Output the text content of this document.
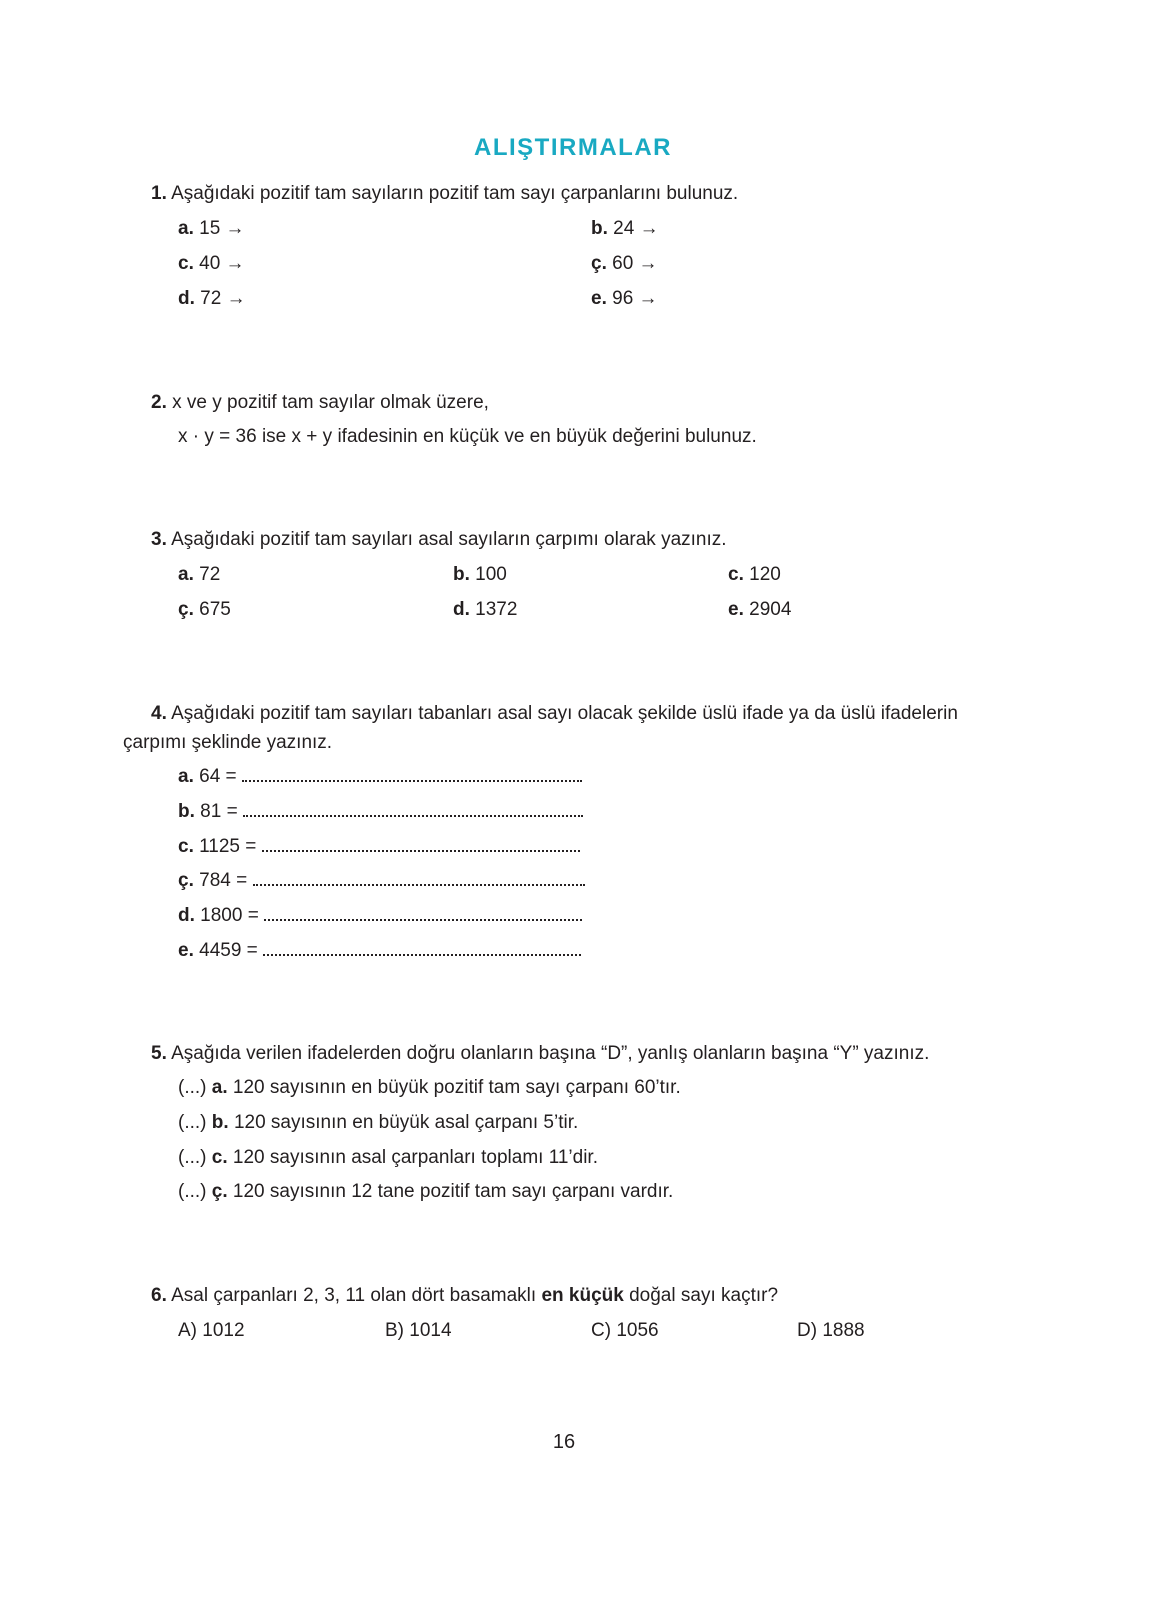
ALIŞTIRMALAR
1. Aşağıdaki pozitif tam sayıların pozitif tam sayı çarpanlarını bulunuz.
a. 15 →	b. 24 →
c. 40 →	ç. 60 →
d. 72 →	e. 96 →
2. x ve y pozitif tam sayılar olmak üzere,
x · y = 36 ise x + y ifadesinin en küçük ve en büyük değerini bulunuz.
3. Aşağıdaki pozitif tam sayıları asal sayıların çarpımı olarak yazınız.
a. 72	b. 100	c. 120
ç. 675	d. 1372	e. 2904
4. Aşağıdaki pozitif tam sayıları tabanları asal sayı olacak şekilde üslü ifade ya da üslü ifadelerin
çarpımı şeklinde yazınız.
a. 64 =
b. 81 =
c. 1125 =
ç. 784 =
d. 1800 =
e. 4459 =
5. Aşağıda verilen ifadelerden doğru olanların başına “D”, yanlış olanların başına “Y” yazınız.
(...) a. 120 sayısının en büyük pozitif tam sayı çarpanı 60’tır.
(...) b. 120 sayısının en büyük asal çarpanı 5’tir.
(...) c. 120 sayısının asal çarpanları toplamı 11’dir.
(...) ç. 120 sayısının 12 tane pozitif tam sayı çarpanı vardır.
6. Asal çarpanları 2, 3, 11 olan dört basamaklı en küçük doğal sayı kaçtır?
A) 1012	B) 1014	C) 1056	D) 1888
16
